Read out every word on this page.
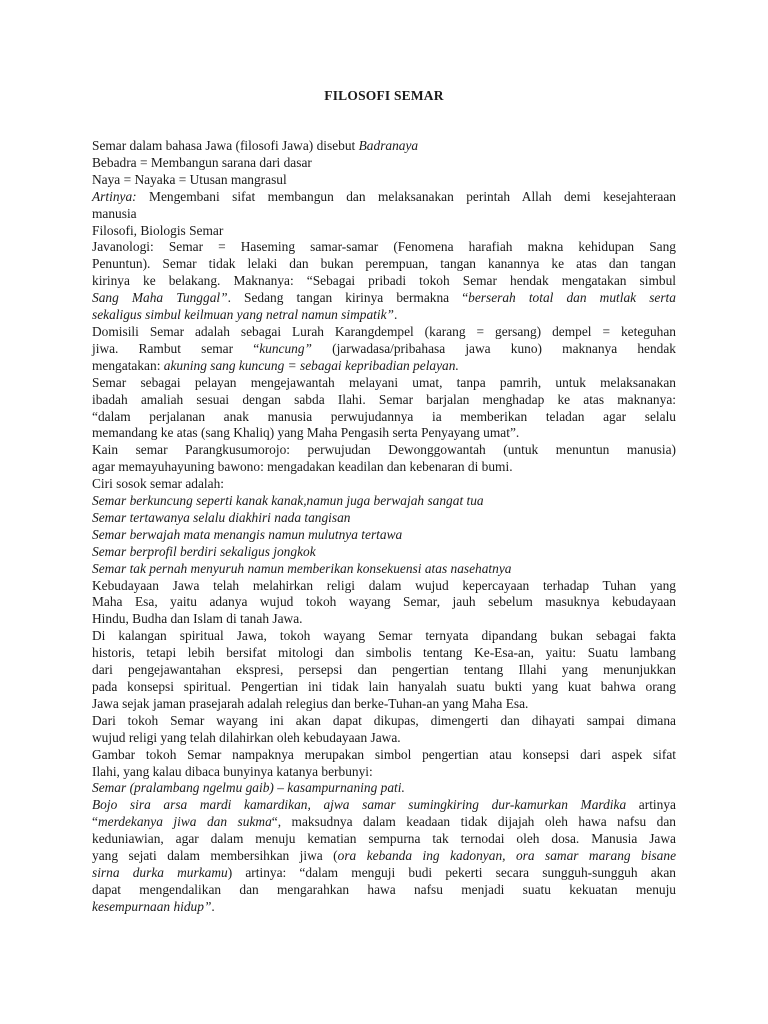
FILOSOFI SEMAR
Semar dalam bahasa Jawa (filosofi Jawa) disebut Badranaya
Bebadra = Membangun sarana dari dasar
Naya = Nayaka = Utusan mangrasul
Artinya: Mengembani sifat membangun dan melaksanakan perintah Allah demi kesejahteraan
manusia
Filosofi, Biologis Semar
Javanologi: Semar = Haseming samar-samar (Fenomena harafiah makna kehidupan Sang
Penuntun). Semar tidak lelaki dan bukan perempuan, tangan kanannya ke atas dan tangan
kirinya ke belakang. Maknanya: “Sebagai pribadi tokoh Semar hendak mengatakan simbul
Sang Maha Tunggal”. Sedang tangan kirinya bermakna “berserah total dan mutlak serta
sekaligus simbul keilmuan yang netral namun simpatik”.
Domisili Semar adalah sebagai Lurah Karangdempel (karang = gersang) dempel = keteguhan
jiwa. Rambut semar “kuncung” (jarwadasa/pribahasa jawa kuno) maknanya hendak
mengatakan: akuning sang kuncung = sebagai kepribadian pelayan.
Semar sebagai pelayan mengejawantah melayani umat, tanpa pamrih, untuk melaksanakan
ibadah amaliah sesuai dengan sabda Ilahi. Semar barjalan menghadap ke atas maknanya:
“dalam perjalanan anak manusia perwujudannya ia memberikan teladan agar selalu
memandang ke atas (sang Khaliq) yang Maha Pengasih serta Penyayang umat”.
Kain semar Parangkusumorojo: perwujudan Dewonggowantah (untuk menuntun manusia)
agar memayuhayuning bawono: mengadakan keadilan dan kebenaran di bumi.
Ciri sosok semar adalah:
Semar berkuncung seperti kanak kanak,namun juga berwajah sangat tua
Semar tertawanya selalu diakhiri nada tangisan
Semar berwajah mata menangis namun mulutnya tertawa
Semar berprofil berdiri sekaligus jongkok
Semar tak pernah menyuruh namun memberikan konsekuensi atas nasehatnya
Kebudayaan Jawa telah melahirkan religi dalam wujud kepercayaan terhadap Tuhan yang
Maha Esa, yaitu adanya wujud tokoh wayang Semar, jauh sebelum masuknya kebudayaan
Hindu, Budha dan Islam di tanah Jawa.
Di kalangan spiritual Jawa, tokoh wayang Semar ternyata dipandang bukan sebagai fakta
historis, tetapi lebih bersifat mitologi dan simbolis tentang Ke-Esa-an, yaitu: Suatu lambang
dari pengejawantahan ekspresi, persepsi dan pengertian tentang Illahi yang menunjukkan
pada konsepsi spiritual. Pengertian ini tidak lain hanyalah suatu bukti yang kuat bahwa orang
Jawa sejak jaman prasejarah adalah relegius dan berke-Tuhan-an yang Maha Esa.
Dari tokoh Semar wayang ini akan dapat dikupas, dimengerti dan dihayati sampai dimana
wujud religi yang telah dilahirkan oleh kebudayaan Jawa.
Gambar tokoh Semar nampaknya merupakan simbol pengertian atau konsepsi dari aspek sifat
Ilahi, yang kalau dibaca bunyinya katanya berbunyi:
Semar (pralambang ngelmu gaib) – kasampurnaning pati.
Bojo sira arsa mardi kamardikan, ajwa samar sumingkiring dur-kamurkan Mardika artinya
“merdekanya jiwa dan sukma“, maksudnya dalam keadaan tidak dijajah oleh hawa nafsu dan
keduniawian, agar dalam menuju kematian sempurna tak ternodai oleh dosa. Manusia Jawa
yang sejati dalam membersihkan jiwa (ora kebanda ing kadonyan, ora samar marang bisane
sirna durka murkamu) artinya: “dalam menguji budi pekerti secara sungguh-sungguh akan
dapat mengendalikan dan mengarahkan hawa nafsu menjadi suatu kekuatan menuju
kesempurnaan hidup”.
